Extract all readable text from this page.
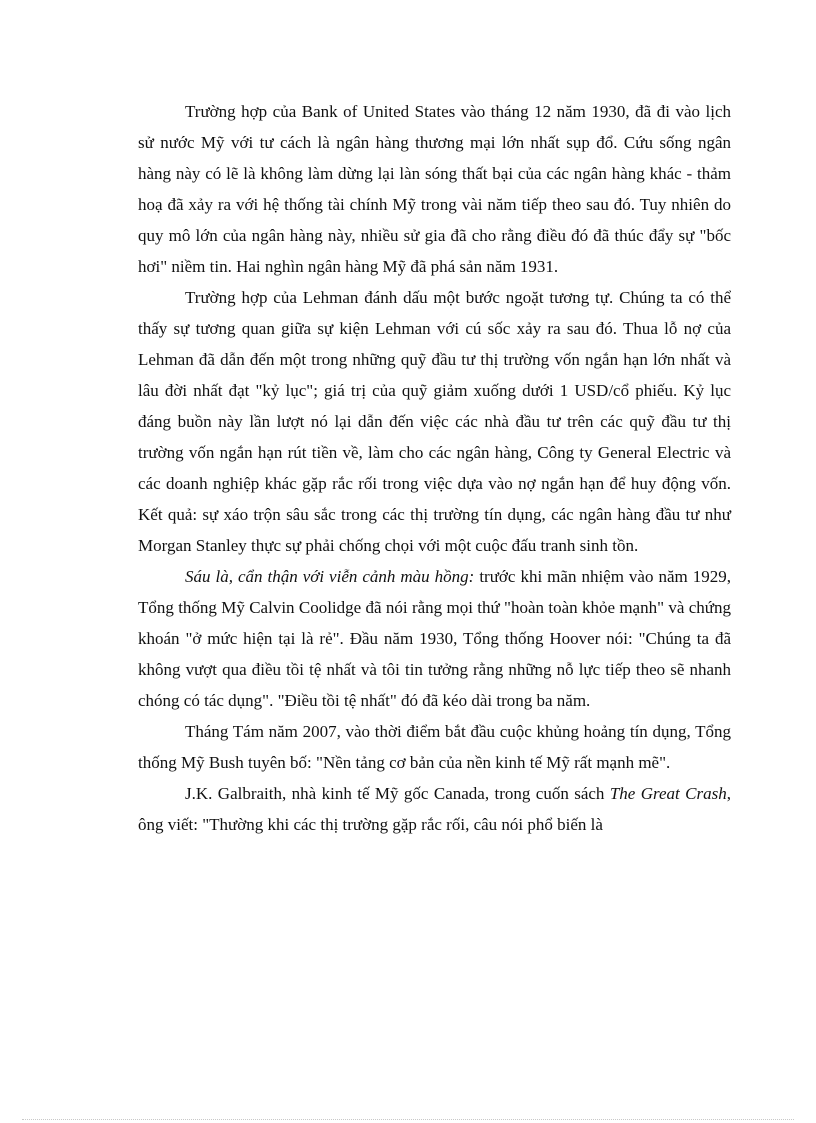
Trường hợp của Bank of United States vào tháng 12 năm 1930, đã đi vào lịch sử nước Mỹ với tư cách là ngân hàng thương mại lớn nhất sụp đổ. Cứu sống ngân hàng này có lẽ là không làm dừng lại làn sóng thất bại của các ngân hàng khác - thảm hoạ đã xảy ra với hệ thống tài chính Mỹ trong vài năm tiếp theo sau đó. Tuy nhiên do quy mô lớn của ngân hàng này, nhiều sử gia đã cho rằng điều đó đã thúc đẩy sự "bốc hơi" niềm tin. Hai nghìn ngân hàng Mỹ đã phá sản năm 1931.

Trường hợp của Lehman đánh dấu một bước ngoặt tương tự. Chúng ta có thể thấy sự tương quan giữa sự kiện Lehman với cú sốc xảy ra sau đó. Thua lỗ nợ của Lehman đã dẫn đến một trong những quỹ đầu tư thị trường vốn ngắn hạn lớn nhất và lâu đời nhất đạt "kỷ lục"; giá trị của quỹ giảm xuống dưới 1 USD/cổ phiếu. Kỷ lục đáng buồn này lần lượt nó lại dẫn đến việc các nhà đầu tư trên các quỹ đầu tư thị trường vốn ngắn hạn rút tiền về, làm cho các ngân hàng, Công ty General Electric và các doanh nghiệp khác gặp rắc rối trong việc dựa vào nợ ngắn hạn để huy động vốn. Kết quả: sự xáo trộn sâu sắc trong các thị trường tín dụng, các ngân hàng đầu tư như Morgan Stanley thực sự phải chống chọi với một cuộc đấu tranh sinh tồn.

Sáu là, cẩn thận với viễn cảnh màu hồng: trước khi mãn nhiệm vào năm 1929, Tổng thống Mỹ Calvin Coolidge đã nói rằng mọi thứ "hoàn toàn khỏe mạnh" và chứng khoán "ở mức hiện tại là rẻ". Đầu năm 1930, Tổng thống Hoover nói: "Chúng ta đã không vượt qua điều tồi tệ nhất và tôi tin tưởng rằng những nỗ lực tiếp theo sẽ nhanh chóng có tác dụng". "Điều tồi tệ nhất" đó đã kéo dài trong ba năm.

Tháng Tám năm 2007, vào thời điểm bắt đầu cuộc khủng hoảng tín dụng, Tổng thống Mỹ Bush tuyên bố: "Nền tảng cơ bản của nền kinh tế Mỹ rất mạnh mẽ".

J.K. Galbraith, nhà kinh tế Mỹ gốc Canada, trong cuốn sách The Great Crash, ông viết: "Thường khi các thị trường gặp rắc rối, câu nói phổ biến là
